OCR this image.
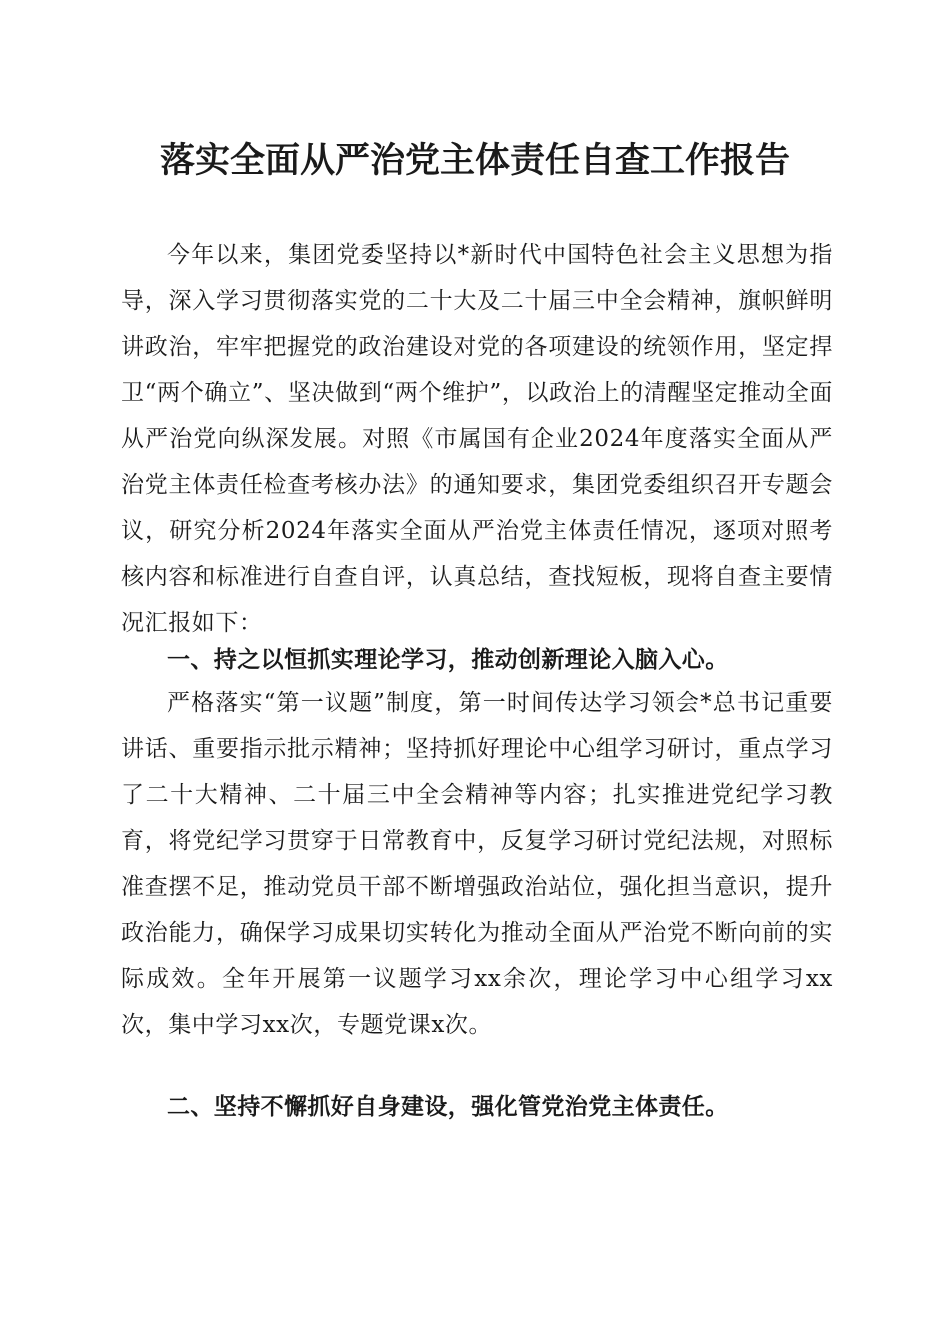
落实全面从严治党主体责任自查工作报告

今年以来，集团党委坚持以*新时代中国特色社会主义思想为指导，深入学习贯彻落实党的二十大及二十届三中全会精神，旗帜鲜明讲政治，牢牢把握党的政治建设对党的各项建设的统领作用，坚定捍卫“两个确立”、坚决做到“两个维护”，以政治上的清醒坚定推动全面从严治党向纵深发展。对照《市属国有企业2024年度落实全面从严治党主体责任检查考核办法》的通知要求，集团党委组织召开专题会议，研究分析2024年落实全面从严治党主体责任情况，逐项对照考核内容和标准进行自查自评，认真总结，查找短板，现将自查主要情况汇报如下：

一、持之以恒抓实理论学习，推动创新理论入脑入心。

严格落实“第一议题”制度，第一时间传达学习领会*总书记重要讲话、重要指示批示精神；坚持抓好理论中心组学习研讨，重点学习了二十大精神、二十届三中全会精神等内容；扎实推进党纪学习教育，将党纪学习贯穿于日常教育中，反复学习研讨党纪法规，对照标准查摆不足，推动党员干部不断增强政治站位，强化担当意识，提升政治能力，确保学习成果切实转化为推动全面从严治党不断向前的实际成效。全年开展第一议题学习xx余次，理论学习中心组学习xx次，集中学习xx次，专题党课x次。

二、坚持不懈抓好自身建设，强化管党治党主体责任。
